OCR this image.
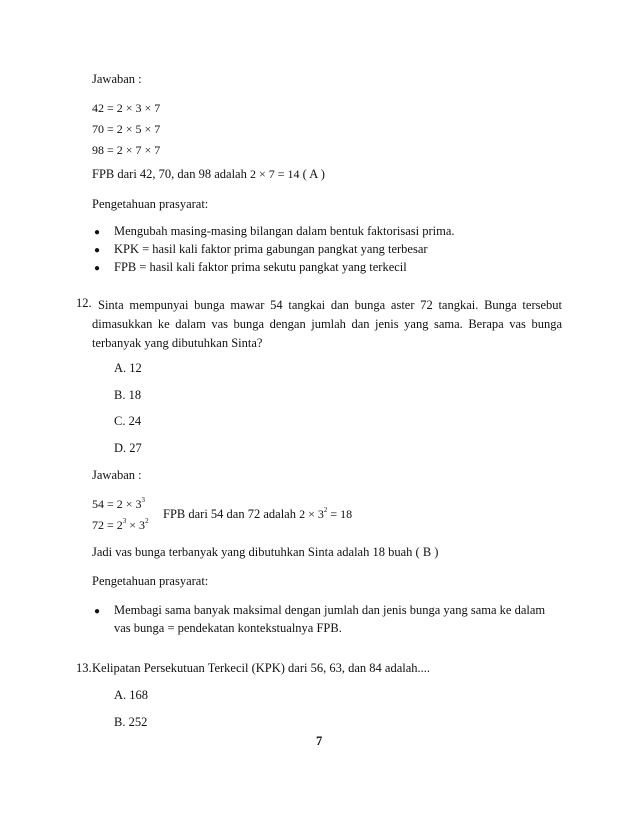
Jawaban :
42 = 2 × 3 × 7
70 = 2 × 5 × 7
98 = 2 × 7 × 7
FPB dari 42, 70, dan 98 adalah 2 × 7 = 14 ( A )
Pengetahuan prasyarat:
● Mengubah masing-masing bilangan dalam bentuk faktorisasi prima.
● KPK = hasil kali faktor prima gabungan pangkat yang terbesar
● FPB = hasil kali faktor prima sekutu pangkat yang terkecil
12. Sinta mempunyai bunga mawar 54 tangkai dan bunga aster 72 tangkai. Bunga tersebut dimasukkan ke dalam vas bunga dengan jumlah dan jenis yang sama. Berapa vas bunga terbanyak yang dibutuhkan Sinta?
A. 12
B. 18
C. 24
D. 27
Jawaban :
$54 = 2 \times 3^3$
$72 = 2^3 \times 3^2$ FPB dari 54 dan 72 adalah $2 \times 3^2 = 18$
Jadi vas bunga terbanyak yang dibutuhkan Sinta adalah 18 buah ( B )
Pengetahuan prasyarat:
● Membagi sama banyak maksimal dengan jumlah dan jenis bunga yang sama ke dalam
vas bunga = pendekatan kontekstualnya FPB.
13. Kelipatan Persekutuan Terkecil (KPK) dari 56, 63, dan 84 adalah....
A. 168
B. 252
7
